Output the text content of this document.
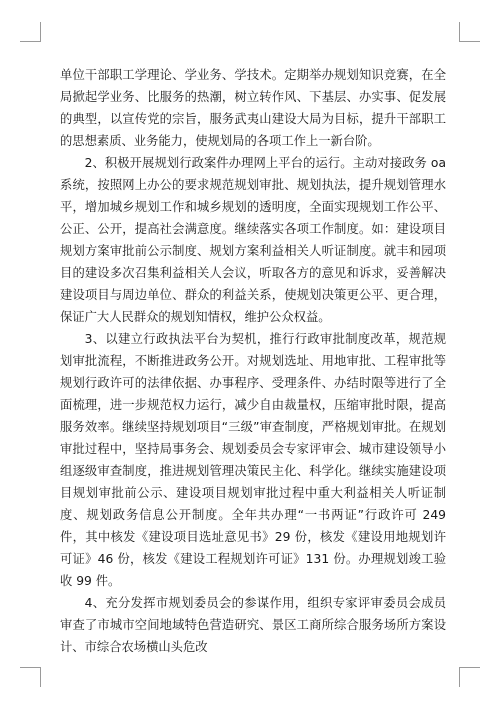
单位干部职工学理论、学业务、学技术。定期举办规划知识竞赛，在全局掀起学业务、比服务的热潮，树立转作风、下基层、办实事、促发展的典型，以宣传党的宗旨，服务武夷山建设大局为目标，提升干部职工的思想素质、业务能力，使规划局的各项工作上一新台阶。

2、积极开展规划行政案件办理网上平台的运行。主动对接政务 oa 系统，按照网上办公的要求规范规划审批、规划执法，提升规划管理水平，增加城乡规划工作和城乡规划的透明度，全面实现规划工作公平、公正、公开，提高社会满意度。继续落实各项工作制度。如：建设项目规划方案审批前公示制度、规划方案利益相关人听证制度。就丰和园项目的建设多次召集利益相关人会议，听取各方的意见和诉求，妥善解决建设项目与周边单位、群众的利益关系，使规划决策更公平、更合理，保证广大人民群众的规划知情权，维护公众权益。

3、以建立行政执法平台为契机，推行行政审批制度改革，规范规划审批流程，不断推进政务公开。对规划选址、用地审批、工程审批等规划行政许可的法律依据、办事程序、受理条件、办结时限等进行了全面梳理，进一步规范权力运行，减少自由裁量权，压缩审批时限，提高服务效率。继续坚持规划项目“三级”审查制度，严格规划审批。在规划审批过程中，坚持局事务会、规划委员会专家评审会、城市建设领导小组逐级审查制度，推进规划管理决策民主化、科学化。继续实施建设项目规划审批前公示、建设项目规划审批过程中重大利益相关人听证制度、规划政务信息公开制度。全年共办理“一书两证”行政许可 249 件，其中核发《建设项目选址意见书》29 份，核发《建设用地规划许可证》46 份，核发《建设工程规划许可证》131 份。办理规划竣工验收 99 件。

4、充分发挥市规划委员会的参谋作用，组织专家评审委员会成员审查了市城市空间地域特色营造研究、景区工商所综合服务场所方案设计、市综合农场横山头危改
